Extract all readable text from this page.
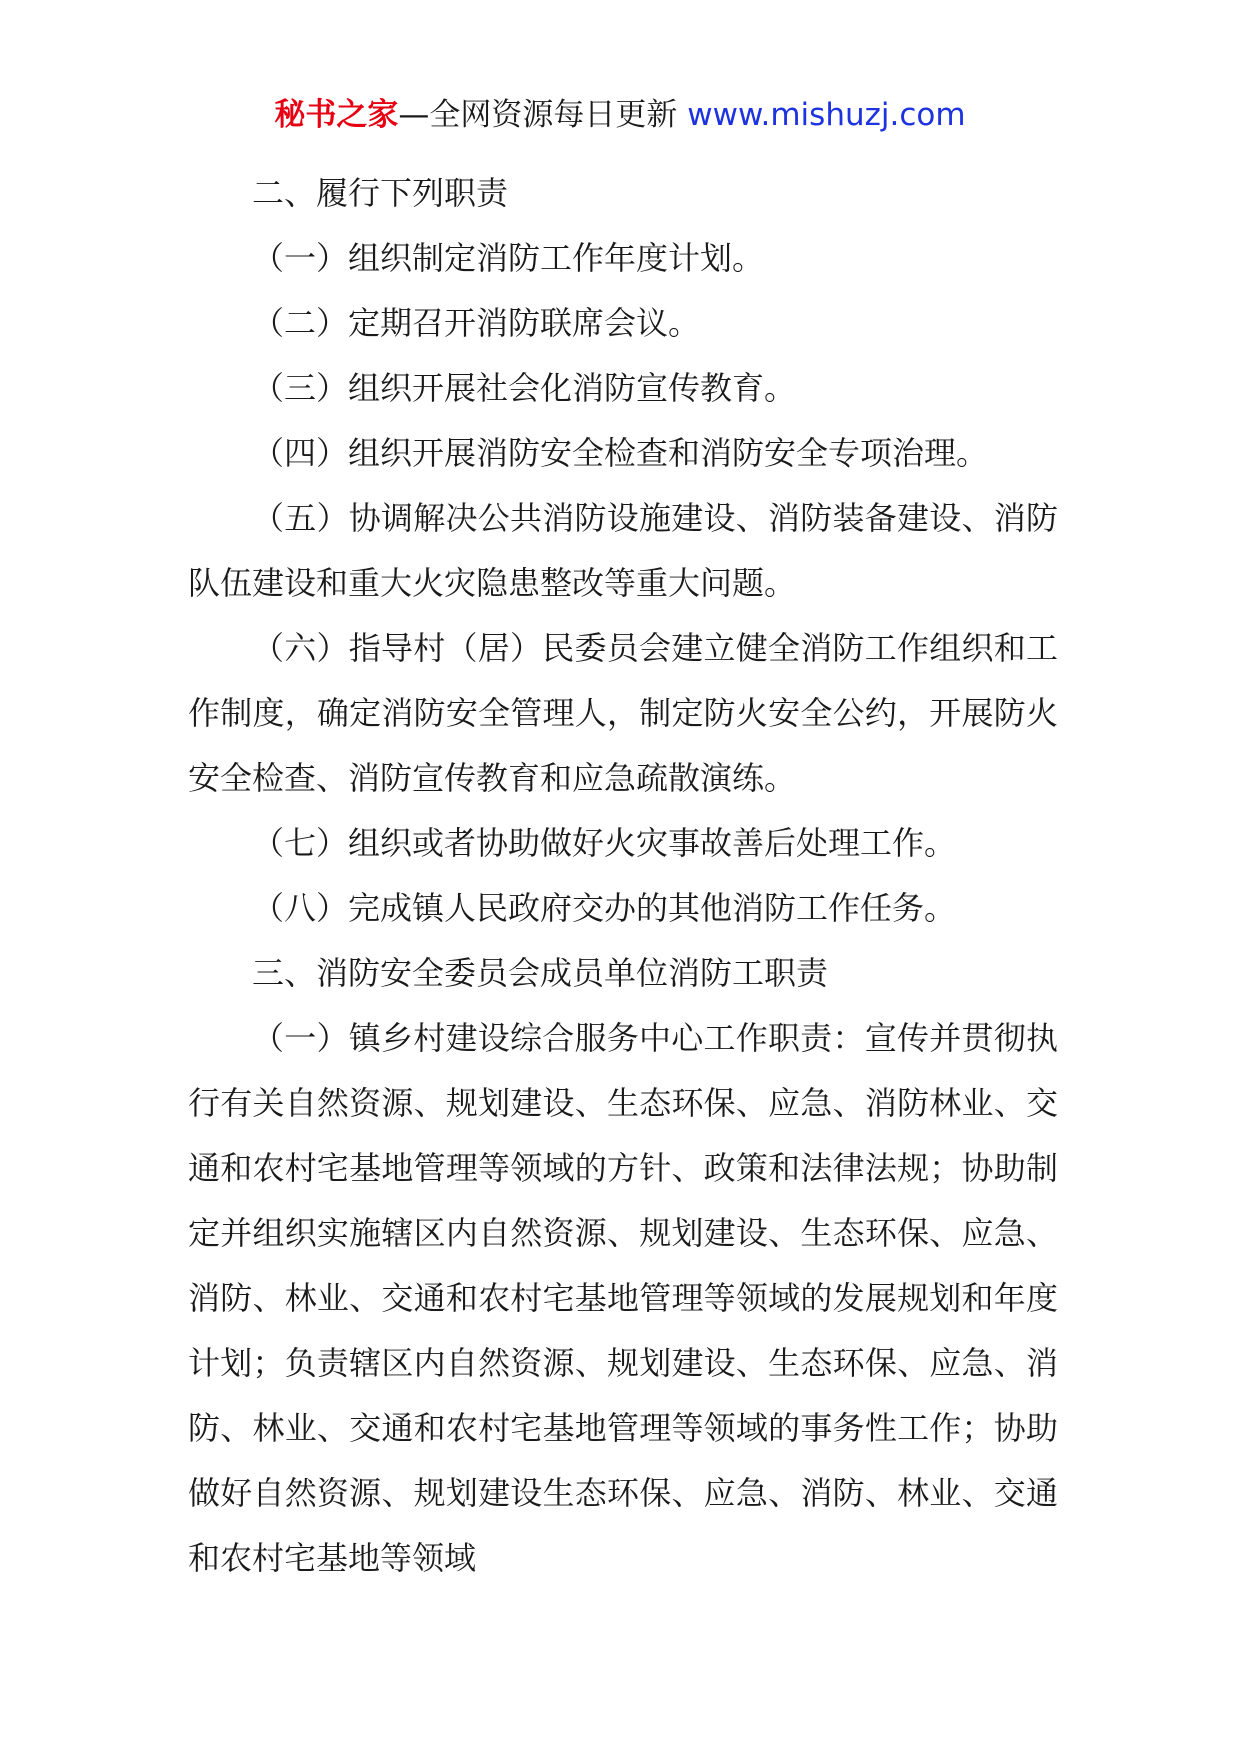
秘书之家—全网资源每日更新 www.mishuzj.com

二、履行下列职责

（一）组织制定消防工作年度计划。

（二）定期召开消防联席会议。

（三）组织开展社会化消防宣传教育。

（四）组织开展消防安全检查和消防安全专项治理。

（五）协调解决公共消防设施建设、消防装备建设、消防队伍建设和重大火灾隐患整改等重大问题。

（六）指导村（居）民委员会建立健全消防工作组织和工作制度，确定消防安全管理人，制定防火安全公约，开展防火安全检查、消防宣传教育和应急疏散演练。

（七）组织或者协助做好火灾事故善后处理工作。

（八）完成镇人民政府交办的其他消防工作任务。

三、消防安全委员会成员单位消防工职责

（一）镇乡村建设综合服务中心工作职责：宣传并贯彻执行有关自然资源、规划建设、生态环保、应急、消防林业、交通和农村宅基地管理等领域的方针、政策和法律法规；协助制定并组织实施辖区内自然资源、规划建设、生态环保、应急、消防、林业、交通和农村宅基地管理等领域的发展规划和年度计划；负责辖区内自然资源、规划建设、生态环保、应急、消防、林业、交通和农村宅基地管理等领域的事务性工作；协助做好自然资源、规划建设生态环保、应急、消防、林业、交通和农村宅基地等领域
